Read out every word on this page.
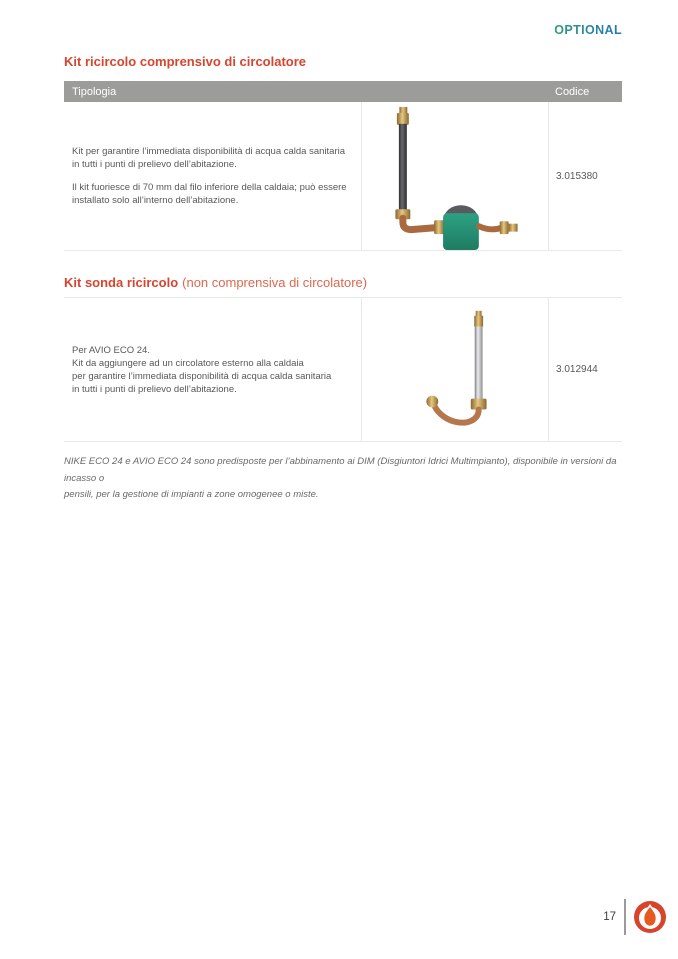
OPTIONAL
Kit ricircolo comprensivo di circolatore
Tipologia	Codice
Kit per garantire l’immediata disponibilità di acqua calda sanitaria
in tutti i punti di prelievo dell’abitazione.
Il kit fuoriesce di 70 mm dal filo inferiore della caldaia; può essere
installato solo all’interno dell’abitazione.
3.015380
Kit sonda ricircolo (non comprensiva di circolatore)
Per AVIO ECO 24.
Kit da aggiungere ad un circolatore esterno alla caldaia
per garantire l’immediata disponibilità di acqua calda sanitaria
in tutti i punti di prelievo dell’abitazione.
3.012944
NIKE ECO 24 e AVIO ECO 24 sono predisposte per l’abbinamento ai DIM (Disgiuntori Idrici Multimpianto), disponibile in versioni da incasso o
pensili, per la gestione di impianti a zone omogenee o miste.
17
